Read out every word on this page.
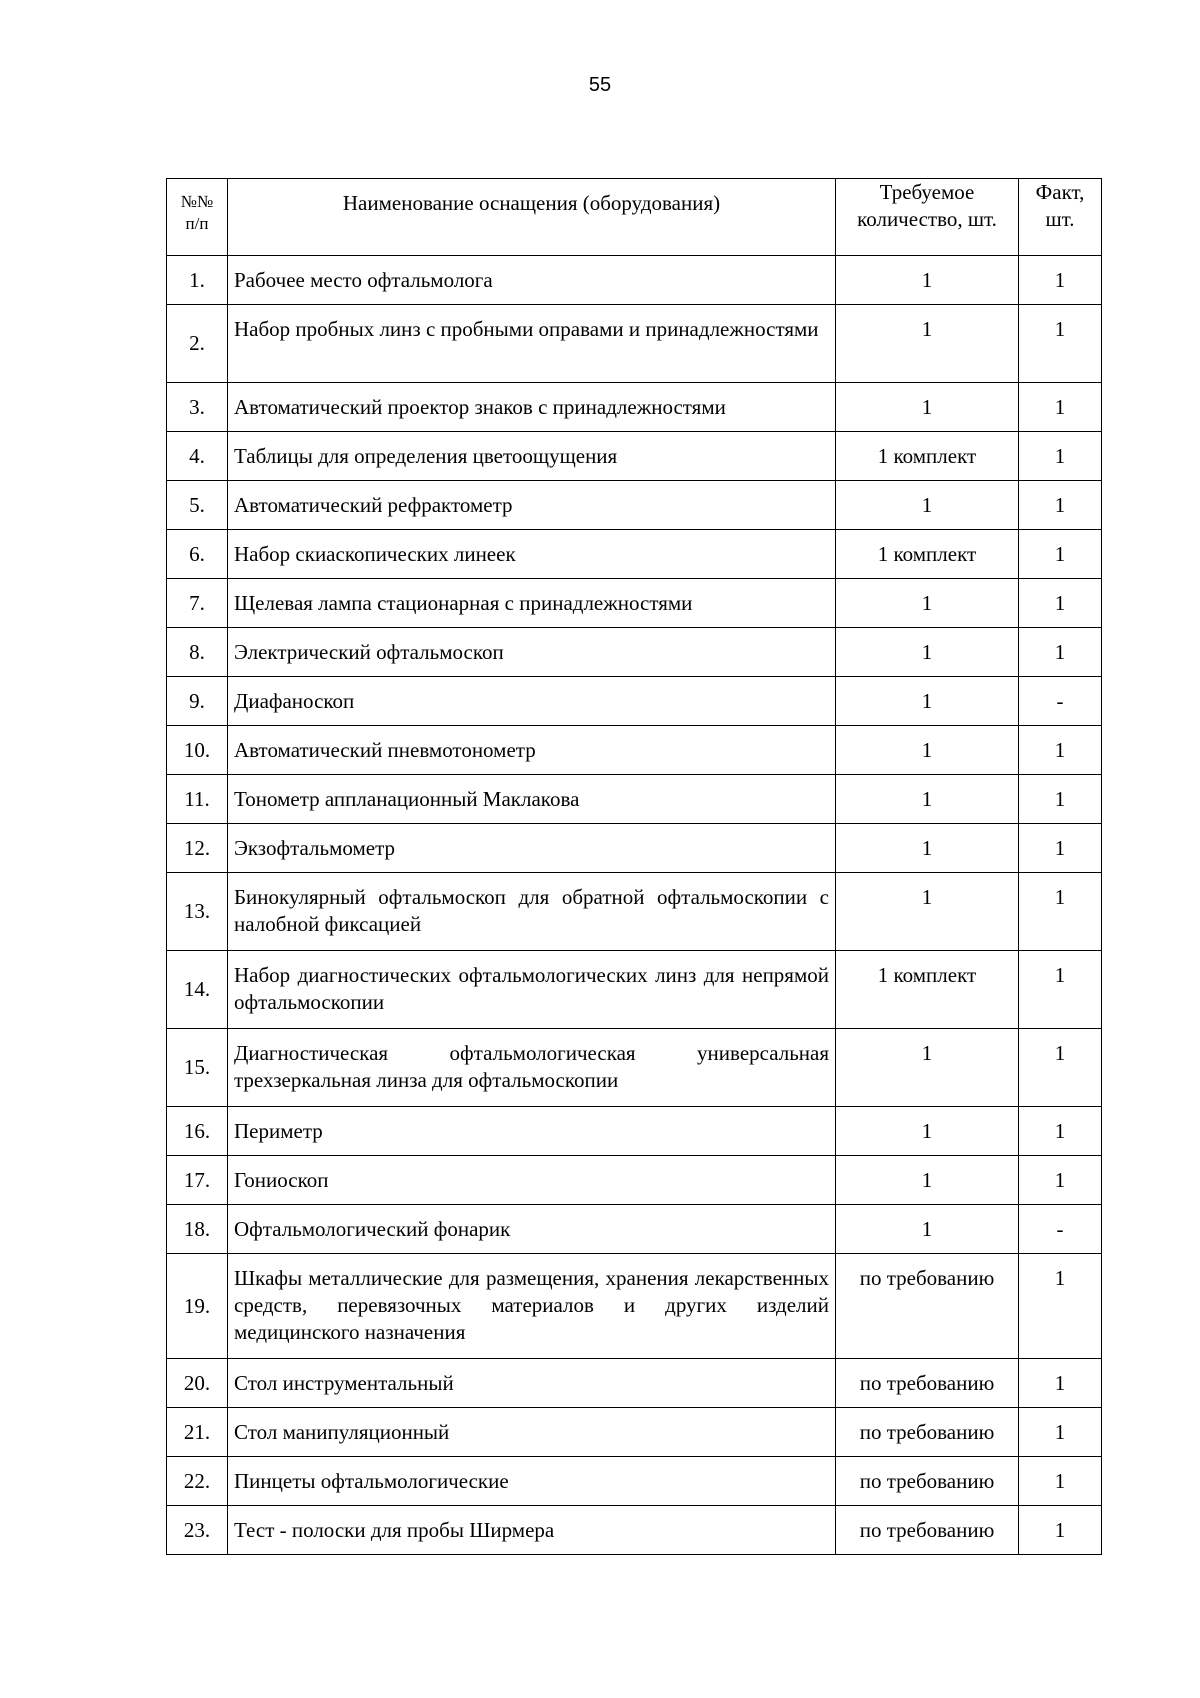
55
№№ п/п	Наименование оснащения (оборудования)	Требуемое количество, шт.	Факт, шт.
1.	Рабочее место офтальмолога	1	1
2.	Набор пробных линз с пробными оправами и принадлежностями	1	1
3.	Автоматический проектор знаков с принадлежностями	1	1
4.	Таблицы для определения цветоощущения	1 комплект	1
5.	Автоматический рефрактометр	1	1
6.	Набор скиаскопических линеек	1 комплект	1
7.	Щелевая лампа стационарная с принадлежностями	1	1
8.	Электрический офтальмоскоп	1	1
9.	Диафаноскоп	1	-
10.	Автоматический пневмотонометр	1	1
11.	Тонометр аппланационный Маклакова	1	1
12.	Экзофтальмометр	1	1
13.	Бинокулярный офтальмоскоп для обратной офтальмоскопии с налобной фиксацией	1	1
14.	Набор диагностических офтальмологических линз для непрямой офтальмоскопии	1 комплект	1
15.	Диагностическая офтальмологическая универсальная трехзеркальная линза для офтальмоскопии	1	1
16.	Периметр	1	1
17.	Гониоскоп	1	1
18.	Офтальмологический фонарик	1	-
19.	Шкафы металлические для размещения, хранения лекарственных средств, перевязочных материалов и других изделий медицинского назначения	по требованию	1
20.	Стол инструментальный	по требованию	1
21.	Стол манипуляционный	по требованию	1
22.	Пинцеты офтальмологические	по требованию	1
23.	Тест - полоски для пробы Ширмера	по требованию	1
